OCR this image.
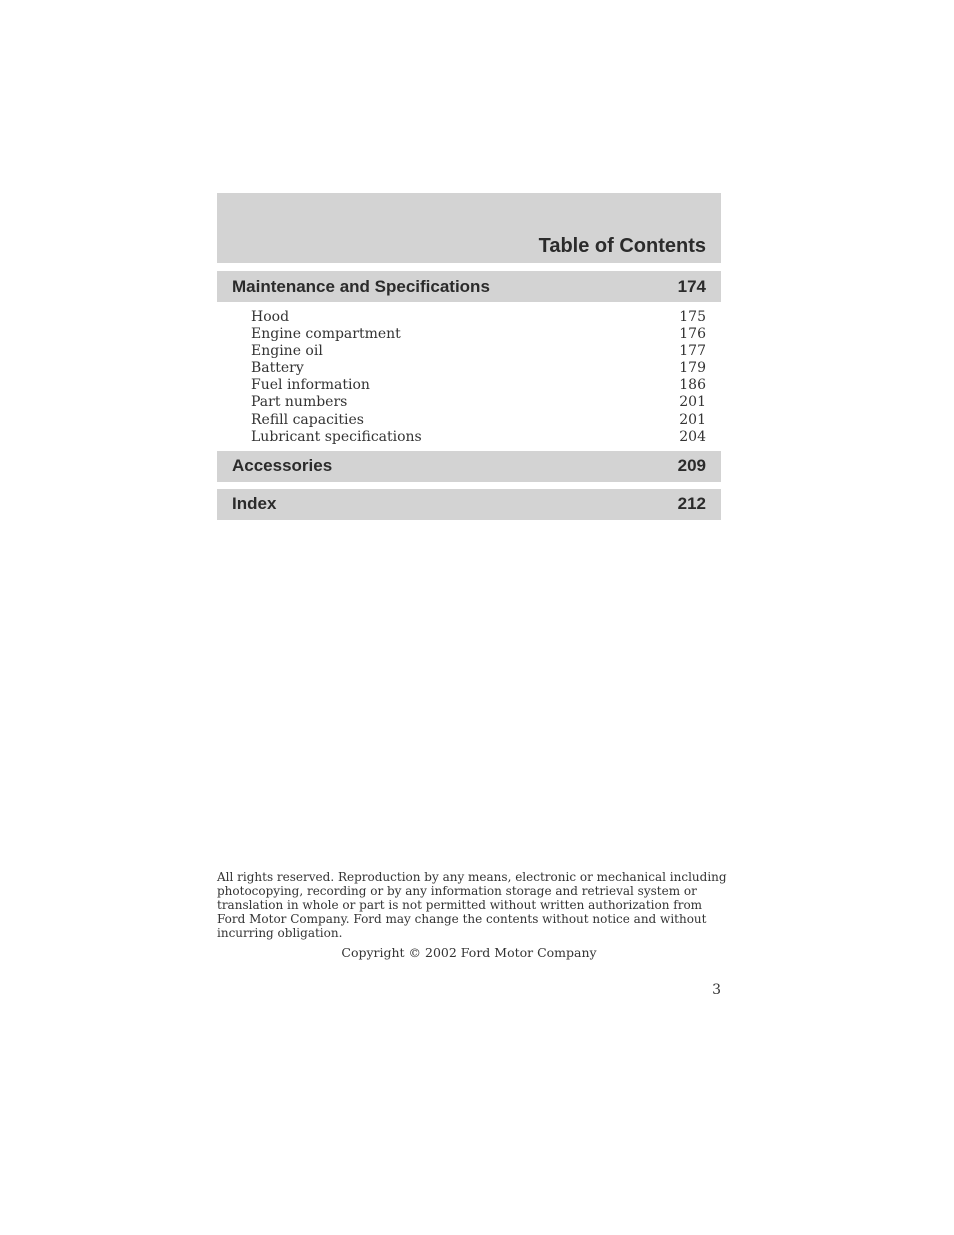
Table of Contents
Maintenance and Specifications	174
Hood	175
Engine compartment	176
Engine oil	177
Battery	179
Fuel information	186
Part numbers	201
Refill capacities	201
Lubricant specifications	204
Accessories	209
Index	212
All rights reserved. Reproduction by any means, electronic or mechanical including photocopying, recording or by any information storage and retrieval system or translation in whole or part is not permitted without written authorization from Ford Motor Company. Ford may change the contents without notice and without incurring obligation.
Copyright © 2002 Ford Motor Company
3
